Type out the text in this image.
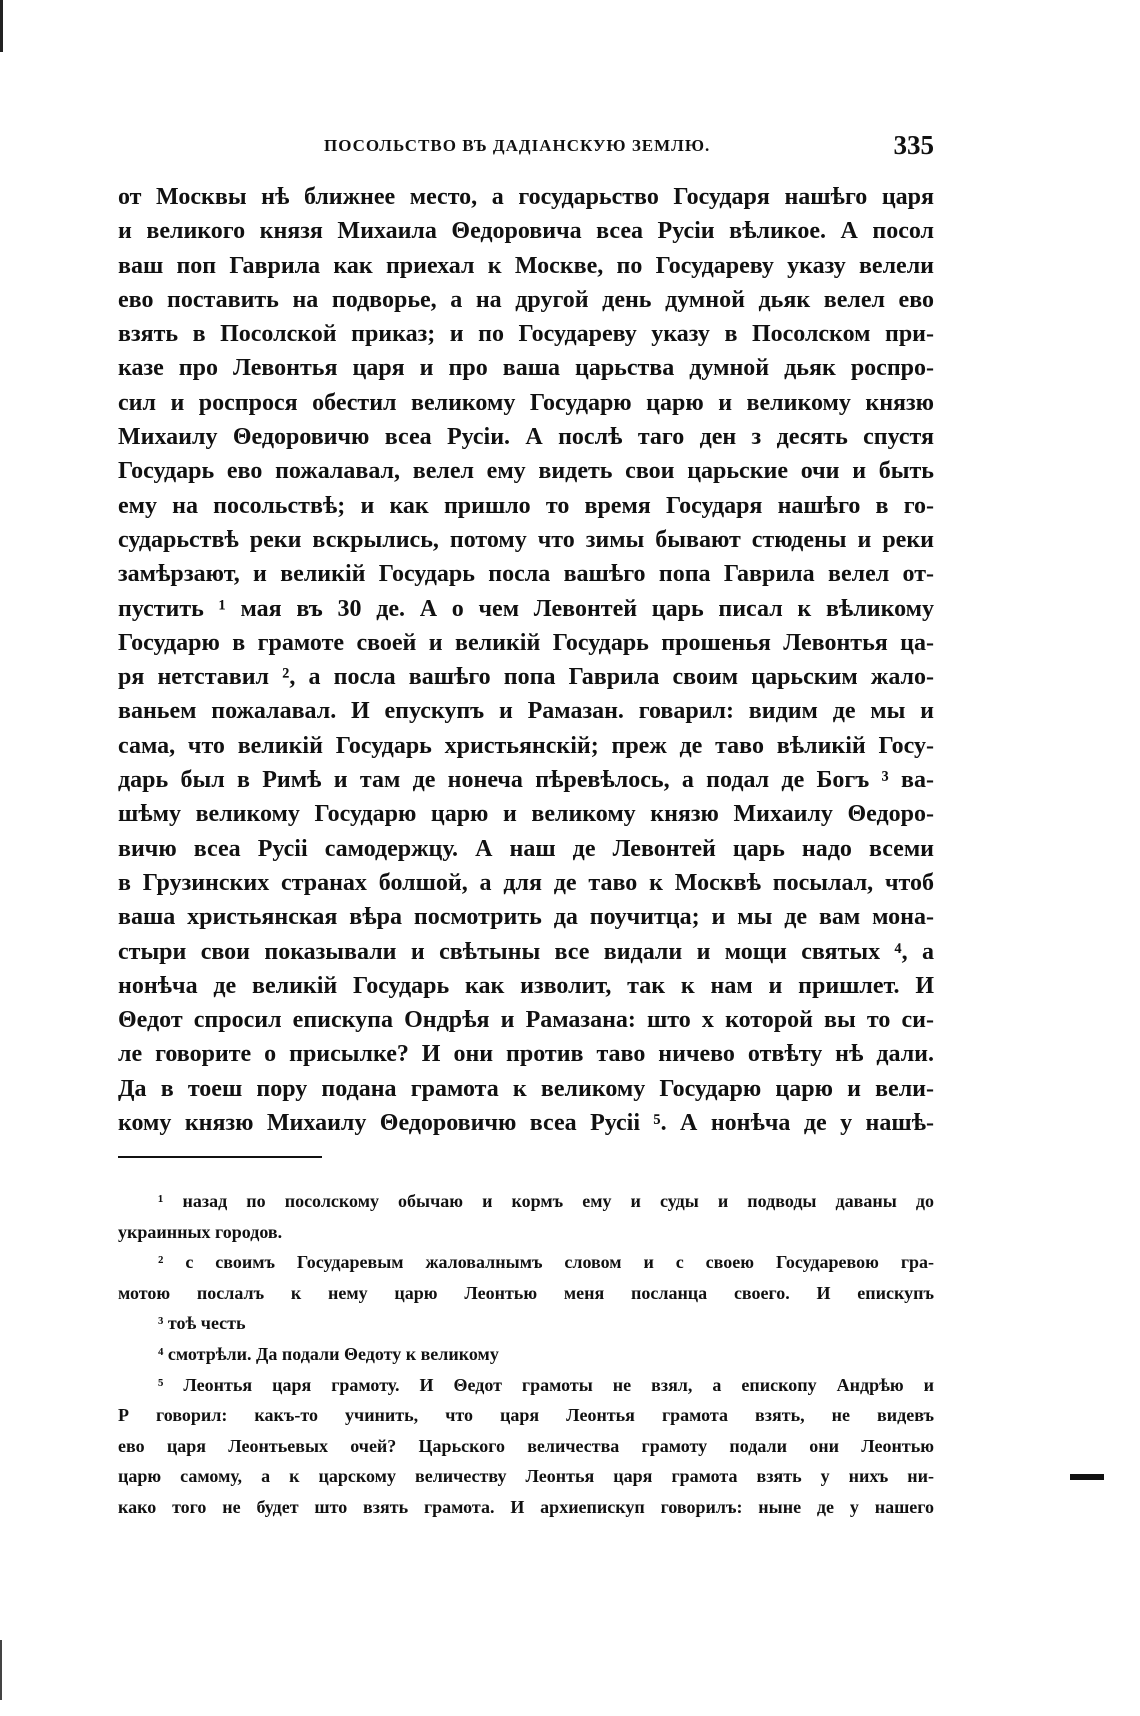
ПОСОЛЬСТВО ВЪ ДАДІАНСКУЮ ЗЕМЛЮ.	335
от Москвы нѣ ближнее место, а государьство Государя нашѣго царя
и великого князя Михаила Θедоровича всеа Русіи вѣликое. А посол
ваш поп Гаврила как приехал к Москве, по Государеву указу велели
ево поставить на подворье, а на другой день думной дьяк велел ево
взять в Посолской приказ; и по Государеву указу в Посолском при-
казе про Левонтья царя и про ваша царьства думной дьяк роспро-
сил и роспрося обестил великому Государю царю и великому князю
Михаилу Θедоровичю всеа Русіи. А послѣ таго ден з десять спустя
Государь ево пожалавал, велел ему видеть свои царьские очи и быть
ему на посольствѣ; и как пришло то время Государя нашѣго в го-
сударьствѣ реки вскрылись, потому что зимы бывают стюдены и реки
замѣрзают, и великій Государь посла вашѣго попа Гаврила велел от-
пустить ¹ мая въ 30 де. А о чем Левонтей царь писал к вѣликому
Государю в грамоте своей и великій Государь прошенья Левонтья ца-
ря нетставил ², а посла вашѣго попа Гаврила своим царьским жало-
ваньем пожалавал. И епускупъ и Рамазан. говарил: видим де мы и
сама, что великій Государь христьянскій; преж де таво вѣликій Госу-
дарь был в Римѣ и там де нонеча пѣревѣлось, а подал де Богъ ³ ва-
шѣму великому Государю царю и великому князю Михаилу Θедоро-
вичю всеа Русіі самодержцу. А наш де Левонтей царь надо всеми
в Грузинских странах болшой, а для де таво к Москвѣ посылал, чтоб
ваша христьянская вѣра посмотрить да поучитца; и мы де вам мона-
стыри свои показывали и свѣтыны все видали и мощи святых ⁴, а
нонѣча де великій Государь как изволит, так к нам и пришлет. И
Θедот спросил епискупа Ондрѣя и Рамазана: што х которой вы то си-
ле говорите о присылке? И они против таво ничево отвѣту нѣ дали.
Да в тоеш пору подана грамота к великому Государю царю и вели-
кому князю Михаилу Θедоровичю всеа Русіі ⁵. А нонѣча де у нашѣ-
¹ назад по посолскому обычаю и кормъ ему и суды и подводы даваны до
украинных городов.
² с своимъ Государевым жаловалнымъ словом и с своею Государевою гра-
мотою послалъ к нему царю Леонтью меня посланца своего. И епискупъ
³ тоѣ честь
⁴ смотрѣли. Да подали Θедоту к великому
⁵ Леонтья царя грамоту. И Θедот грамоты не взял, а епископу Андрѣю и
Р говорил: какъ-то учинить, что царя Леонтья грамота взять, не видевъ
ево царя Леонтьевых очей? Царьского величества грамоту подали они Леонтью
царю самому, а к царскому величеству Леонтья царя грамота взять у нихъ ни-
како того не будет што взять грамота. И архиепискуп говорилъ: ныне де у нашего
